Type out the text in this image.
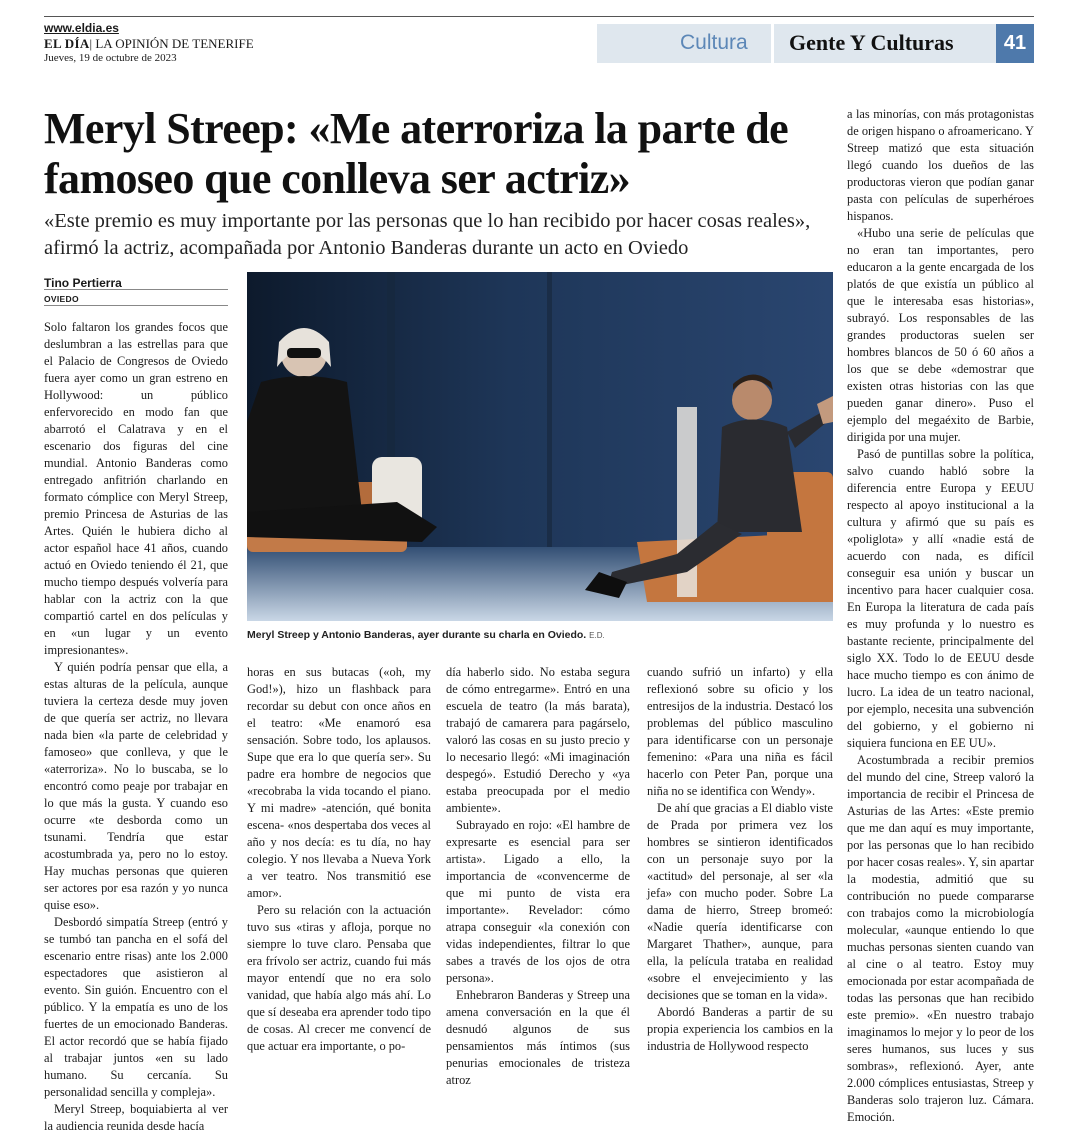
www.eldia.es
EL DÍA| LA OPINIÓN DE TENERIFE
Jueves, 19 de octubre de 2023
Cultura Gente Y Culturas	41
Meryl Streep: «Me aterroriza la parte de famoseo que conlleva ser actriz»

«Este premio es muy importante por las personas que lo han recibido por hacer cosas reales», afirmó la actriz, acompañada por Antonio Banderas durante un acto en Oviedo

Tino Pertierra
OVIEDO
Meryl Streep y Antonio Banderas, ayer durante su charla en Oviedo. E.D.

Solo faltaron los grandes focos que deslumbran a las estrellas para que el Palacio de Congresos de Oviedo fuera ayer como un gran estreno en Hollywood: un público enfervorecido en modo fan que abarrotó el Calatrava y en el escenario dos figuras del cine mundial. Antonio Banderas como entregado anfitrión charlando en formato cómplice con Meryl Streep, premio Princesa de Asturias de las Artes. Quién le hubiera dicho al actor español hace 41 años, cuando actuó en Oviedo teniendo él 21, que mucho tiempo después volvería para hablar con la actriz con la que compartió cartel en dos películas y en «un lugar y un evento impresionantes».

Y quién podría pensar que ella, a estas alturas de la película, aunque tuviera la certeza desde muy joven de que quería ser actriz, no llevara nada bien «la parte de celebridad y famoseo» que conlleva, y que le «aterroriza». No lo buscaba, se lo encontró como peaje por trabajar en lo que más la gusta. Y cuando eso ocurre «te desborda como un tsunami. Tendría que estar acostumbrada ya, pero no lo estoy. Hay muchas personas que quieren ser actores por esa razón y yo nunca quise eso».

Desbordó simpatía Streep (entró y se tumbó tan pancha en el sofá del escenario entre risas) ante los 2.000 espectadores que asistieron al evento. Sin guión. Encuentro con el público. Y la empatía es uno de los fuertes de un emocionado Banderas. El actor recordó que se había fijado al trabajar juntos «en su lado humano. Su cercanía. Su personalidad sencilla y compleja».

Meryl Streep, boquiabierta al ver la audiencia reunida desde hacía

horas en sus butacas («oh, my God!»), hizo un flashback para recordar su debut con once años en el teatro: «Me enamoró esa sensación. Sobre todo, los aplausos. Supe que era lo que quería ser». Su padre era hombre de negocios que «recobraba la vida tocando el piano. Y mi madre» -atención, qué bonita escena- «nos despertaba dos veces al año y nos decía: es tu día, no hay colegio. Y nos llevaba a Nueva York a ver teatro. Nos transmitió ese amor».

Pero su relación con la actuación tuvo sus «tiras y afloja, porque no siempre lo tuve claro. Pensaba que era frívolo ser actriz, cuando fui más mayor entendí que no era solo vanidad, que había algo más ahí. Lo que sí deseaba era aprender todo tipo de cosas. Al crecer me convencí de que actuar era importante, o po-

día haberlo sido. No estaba segura de cómo entregarme». Entró en una escuela de teatro (la más barata), trabajó de camarera para pagárselo, valoró las cosas en su justo precio y lo necesario llegó: «Mi imaginación despegó». Estudió Derecho y «ya estaba preocupada por el medio ambiente».

Subrayado en rojo: «El hambre de expresarte es esencial para ser artista». Ligado a ello, la importancia de «convencerme de que mi punto de vista era importante». Revelador: cómo atrapa conseguir «la conexión con vidas independientes, filtrar lo que sabes a través de los ojos de otra persona».

Enhebraron Banderas y Streep una amena conversación en la que él desnudó algunos de sus pensamientos más íntimos (sus penurias emocionales de tristeza atroz

cuando sufrió un infarto) y ella reflexionó sobre su oficio y los entresijos de la industria. Destacó los problemas del público masculino para identificarse con un personaje femenino: «Para una niña es fácil hacerlo con Peter Pan, porque una niña no se identifica con Wendy».

De ahí que gracias a El diablo viste de Prada por primera vez los hombres se sintieron identificados con un personaje suyo por la «actitud» del personaje, al ser «la jefa» con mucho poder. Sobre La dama de hierro, Streep bromeó: «Nadie quería identificarse con Margaret Thather», aunque, para ella, la película trataba en realidad «sobre el envejecimiento y las decisiones que se toman en la vida».

Abordó Banderas a partir de su propia experiencia los cambios en la industria de Hollywood respecto

a las minorías, con más protagonistas de origen hispano o afroamericano. Y Streep matizó que esta situación llegó cuando los dueños de las productoras vieron que podían ganar pasta con películas de superhéroes hispanos.

«Hubo una serie de películas que no eran tan importantes, pero educaron a la gente encargada de los platós de que existía un público al que le interesaba esas historias», subrayó. Los responsables de las grandes productoras suelen ser hombres blancos de 50 ó 60 años a los que se debe «demostrar que existen otras historias con las que pueden ganar dinero». Puso el ejemplo del megaéxito de Barbie, dirigida por una mujer.

Pasó de puntillas sobre la política, salvo cuando habló sobre la diferencia entre Europa y EEUU respecto al apoyo institucional a la cultura y afirmó que su país es «poliglota» y allí «nadie está de acuerdo con nada, es difícil conseguir esa unión y buscar un incentivo para hacer cualquier cosa. En Europa la literatura de cada país es muy profunda y lo nuestro es bastante reciente, principalmente del siglo XX. Todo lo de EEUU desde hace mucho tiempo es con ánimo de lucro. La idea de un teatro nacional, por ejemplo, necesita una subvención del gobierno, y el gobierno ni siquiera funciona en EE UU».

Acostumbrada a recibir premios del mundo del cine, Streep valoró la importancia de recibir el Princesa de Asturias de las Artes: «Este premio que me dan aquí es muy importante, por las personas que lo han recibido por hacer cosas reales». Y, sin apartar la modestia, admitió que su contribución no puede compararse con trabajos como la microbiología molecular, «aunque entiendo lo que muchas personas sienten cuando van al cine o al teatro. Estoy muy emocionada por estar acompañada de todas las personas que han recibido este premio». «En nuestro trabajo imaginamos lo mejor y lo peor de los seres humanos, sus luces y sus sombras», reflexionó. Ayer, ante 2.000 cómplices entusiastas, Streep y Banderas solo trajeron luz. Cámara. Emoción.
